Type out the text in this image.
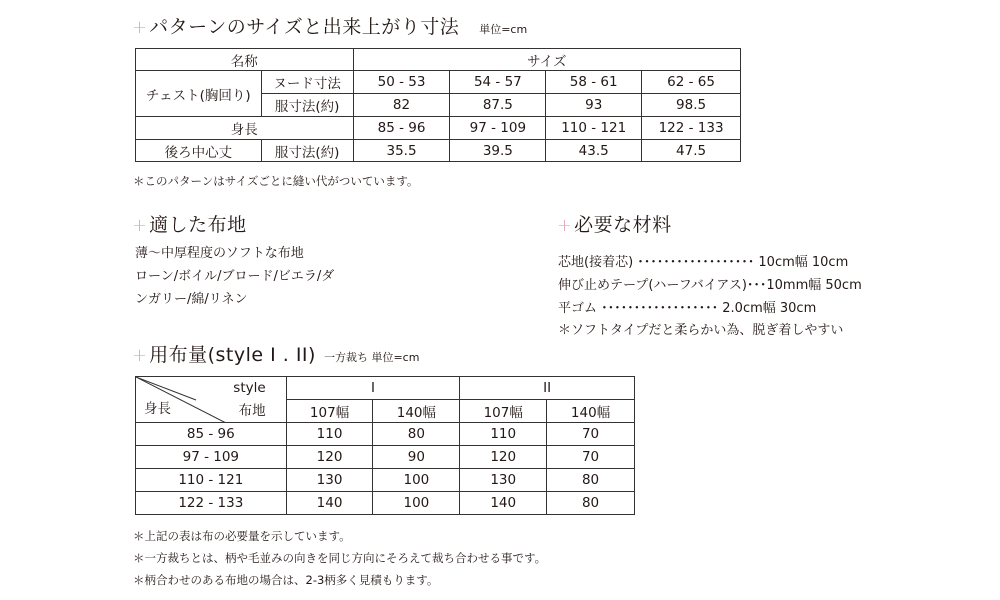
+ パターンのサイズと出来上がり寸法 単位=cm
名称		サイズ			
チェスト(胸回り)	ヌード寸法	50 - 53	54 - 57	58 - 61	62 - 65
	服寸法(約)	82	87.5	93	98.5
身長		85 - 96	97 - 109	110 - 121	122 - 133
後ろ中心丈	服寸法(約)	35.5	39.5	43.5	47.5
＊このパターンはサイズごとに縫い代がついています。
+ 適した布地
薄〜中厚程度のソフトな布地
ローン/ボイル/ブロード/ビエラ/ダ
ンガリー/綿/リネン
+ 必要な材料
芯地(接着芯) ･･････････････････ 10cm幅 10cm
伸び止めテープ(ハーフバイアス)･･･10mm幅 50cm
平ゴム ･･････････････････ 2.0cm幅 30cm
＊ソフトタイプだと柔らかい為、脱ぎ着しやすい
+ 用布量(style I . II) 一方裁ち 単位=cm
style
布地
身長	I		II	
	107幅	140幅	107幅	140幅
85 - 96	110	80	110	70
97 - 109	120	90	120	70
110 - 121	130	100	130	80
122 - 133	140	100	140	80
＊上記の表は布の必要量を示しています。
＊一方裁ちとは、柄や毛並みの向きを同じ方向にそろえて裁ち合わせる事です。
＊柄合わせのある布地の場合は、2-3柄多く見積もります。
